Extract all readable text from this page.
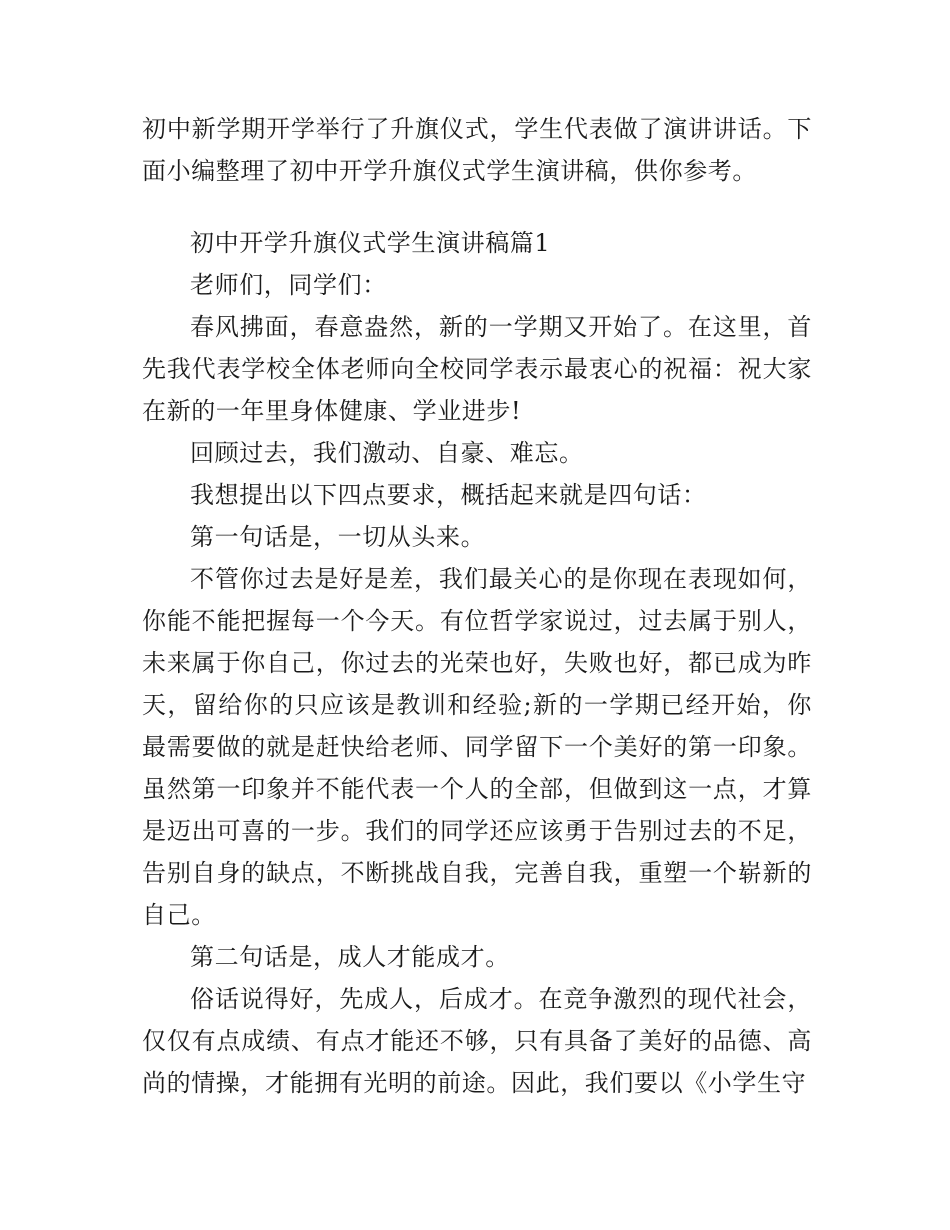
初中新学期开学举行了升旗仪式，学生代表做了演讲讲话。下面小编整理了初中开学升旗仪式学生演讲稿，供你参考。

初中开学升旗仪式学生演讲稿篇1

老师们，同学们：

春风拂面，春意盎然，新的一学期又开始了。在这里，首先我代表学校全体老师向全校同学表示最衷心的祝福：祝大家在新的一年里身体健康、学业进步!

回顾过去，我们激动、自豪、难忘。

我想提出以下四点要求，概括起来就是四句话：

第一句话是，一切从头来。

不管你过去是好是差，我们最关心的是你现在表现如何，你能不能把握每一个今天。有位哲学家说过，过去属于别人，未来属于你自己，你过去的光荣也好，失败也好，都已成为昨天，留给你的只应该是教训和经验;新的一学期已经开始，你最需要做的就是赶快给老师、同学留下一个美好的第一印象。虽然第一印象并不能代表一个人的全部，但做到这一点，才算是迈出可喜的一步。我们的同学还应该勇于告别过去的不足，告别自身的缺点，不断挑战自我，完善自我，重塑一个崭新的自己。

第二句话是，成人才能成才。

俗话说得好，先成人，后成才。在竞争激烈的现代社会，仅仅有点成绩、有点才能还不够，只有具备了美好的品德、高尚的情操，才能拥有光明的前途。因此，我们要以《小学生守
